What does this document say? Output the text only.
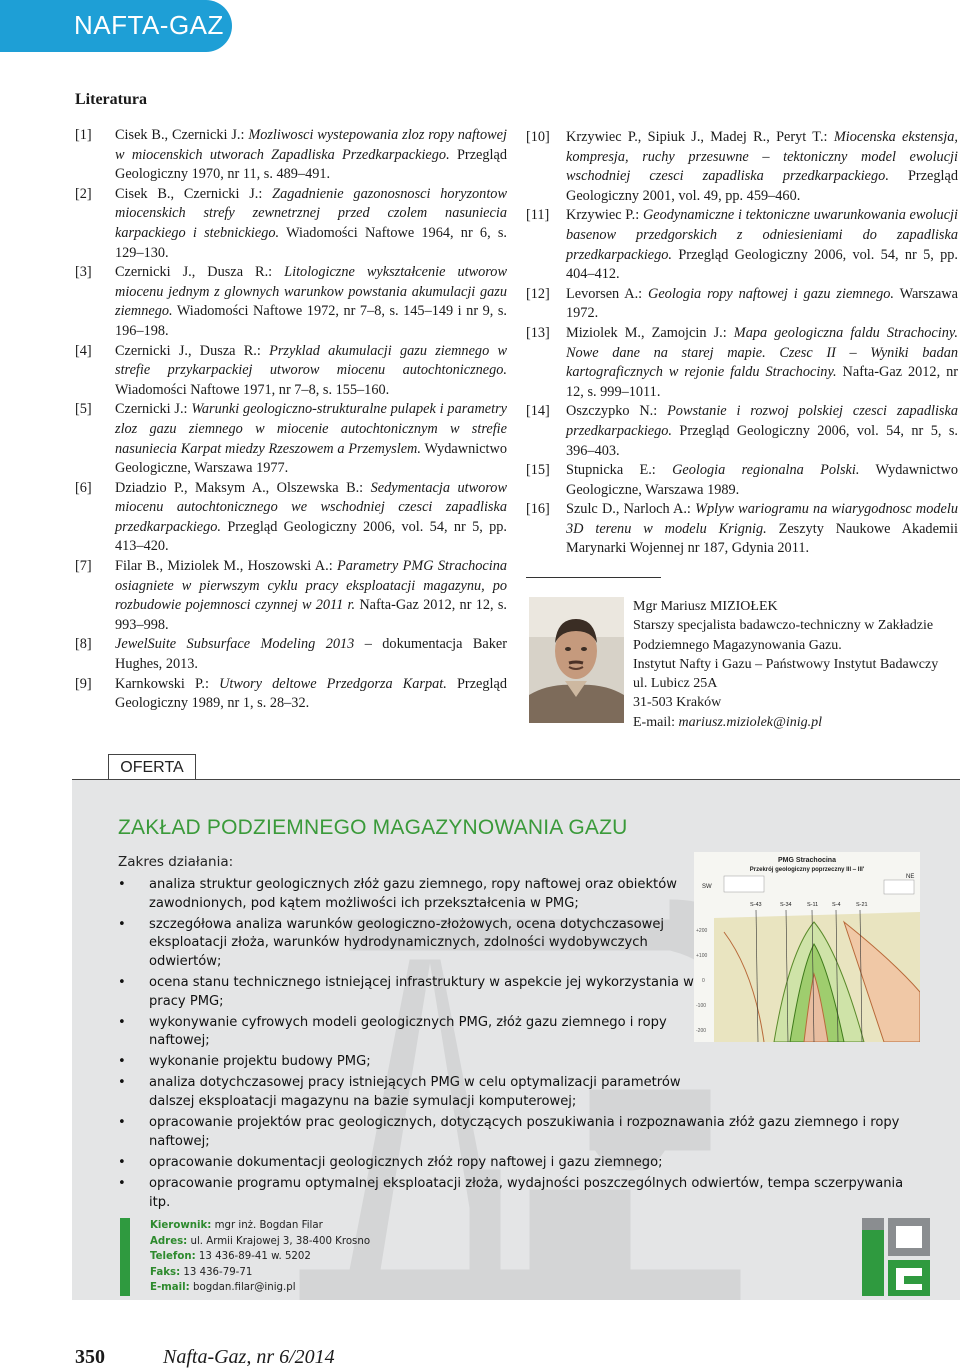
NAFTA-GAZ
Literatura
[1]	Cisek B., Czernicki J.: Mozliwosci wystepowania zloz ropy naftowej w miocenskich utworach Zapadliska Przedkarpackiego. Przegląd Geologiczny 1970, nr 11, s. 489‒491.
[2]	Cisek B., Czernicki J.: Zagadnienie gazonosnosci horyzontow miocenskich strefy zewnetrznej przed czolem nasuniecia karpackiego i stebnickiego. Wiadomości Naftowe 1964, nr 6, s. 129‒130.
[3]	Czernicki J., Dusza R.: Litologiczne wykształcenie utworow miocenu jednym z glownych warunkow powstania akumulacji gazu ziemnego. Wiadomości Naftowe 1972, nr 7‒8, s. 145‒149 i nr 9, s. 196‒198.
[4]	Czernicki J., Dusza R.: Przyklad akumulacji gazu ziemnego w strefie przykarpackiej utworow miocenu autochtonicznego. Wiadomości Naftowe 1971, nr 7‒8, s. 155‒160.
[5]	Czernicki J.: Warunki geologiczno-strukturalne pulapek i parametry zloz gazu ziemnego w miocenie autochtonicznym w strefie nasuniecia Karpat miedzy Rzeszowem a Przemyslem. Wydawnictwo Geologiczne, Warszawa 1977.
[6]	Dziadzio P., Maksym A., Olszewska B.: Sedymentacja utworow miocenu autochtonicznego we wschodniej czesci zapadliska przedkarpackiego. Przegląd Geologiczny 2006, vol. 54, nr 5, pp. 413‒420.
[7]	Filar B., Miziolek M., Hoszowski A.: Parametry PMG Strachocina osiagniete w pierwszym cyklu pracy eksploatacji magazynu, po rozbudowie pojemnosci czynnej w 2011 r. Nafta-Gaz 2012, nr 12, s. 993‒998.
[8]	JewelSuite Subsurface Modeling 2013 ‒ dokumentacja Baker Hughes, 2013.
[9]	Karnkowski P.: Utwory deltowe Przedgorza Karpat. Przegląd Geologiczny 1989, nr 1, s. 28‒32.
[10]	Krzywiec P., Sipiuk J., Madej R., Peryt T.: Miocenska ekstensja, kompresja, ruchy przesuwne ‒ tektoniczny model ewolucji wschodniej czesci zapadliska przedkarpackiego. Przegląd Geologiczny 2001, vol. 49, pp. 459‒460.
[11]	Krzywiec P.: Geodynamiczne i tektoniczne uwarunkowania ewolucji basenow przedgorskich z odniesieniami do zapadliska przedkarpackiego. Przegląd Geologiczny 2006, vol. 54, nr 5, pp. 404‒412.
[12]	Levorsen A.: Geologia ropy naftowej i gazu ziemnego. Warszawa 1972.
[13]	Miziolek M., Zamojcin J.: Mapa geologiczna faldu Strachociny. Nowe dane na starej mapie. Czesc II ‒ Wyniki badan kartograficznych w rejonie faldu Strachociny. Nafta-Gaz 2012, nr 12, s. 999‒1011.
[14]	Oszczypko N.: Powstanie i rozwoj polskiej czesci zapadliska przedkarpackiego. Przegląd Geologiczny 2006, vol. 54, nr 5, s. 396‒403.
[15]	Stupnicka E.: Geologia regionalna Polski. Wydawnictwo Geologiczne, Warszawa 1989.
[16]	Szulc D., Narloch A.: Wplyw wariogramu na wiarygodnosc modelu 3D terenu w modelu Krignig. Zeszyty Naukowe Akademii Marynarki Wojennej nr 187, Gdynia 2011.
Mgr Mariusz MIZIOŁEK
Starszy specjalista badawczo-techniczny w Zakładzie Podziemnego Magazynowania Gazu.
Instytut Nafty i Gazu ‒ Państwowy Instytut Badawczy
ul. Lubicz 25A
31-503 Kraków
E-mail: mariusz.miziolek@inig.pl
OFERTA
ZAKŁAD PODZIEMNEGO MAGAZYNOWANIA GAZU
Zakres działania:
• analiza struktur geologicznych złóż gazu ziemnego, ropy naftowej oraz obiektów zawodnionych, pod kątem możliwości ich przekształcenia w PMG;
• szczegółowa analiza warunków geologiczno-złożowych, ocena dotychczasowej eksploatacji złoża, warunków hydrodynamicznych, zdolności wydobywczych odwiertów;
• ocena stanu technicznego istniejącej infrastruktury w aspekcie jej wykorzystania w pracy PMG;
• wykonywanie cyfrowych modeli geologicznych PMG, złóż gazu ziemnego i ropy naftowej;
• wykonanie projektu budowy PMG;
• analiza dotychczasowej pracy istniejących PMG w celu optymalizacji parametrów dalszej eksploatacji magazynu na bazie symulacji komputerowej;
• opracowanie projektów prac geologicznych, dotyczących poszukiwania i rozpoznawania złóż gazu ziemnego i ropy naftowej;
• opracowanie dokumentacji geologicznych złóż ropy naftowej i gazu ziemnego;
• opracowanie programu optymalnej eksploatacji złoża, wydajności poszczególnych odwiertów, tempa sczerpywania itp.
PMG Strachocina
Przekrój geologiczny poprzeczny III ‒ III'
SW
NE
S-43	S-34	S-11	S-4	S-21
+200
+100
0
-100
-200
Kierownik: mgr inż. Bogdan Filar
Adres: ul. Armii Krajowej 3, 38-400 Krosno
Telefon: 13 436-89-41 w. 5202
Faks: 13 436-79-71
E-mail: bogdan.filar@inig.pl
350	Nafta-Gaz, nr 6/2014
